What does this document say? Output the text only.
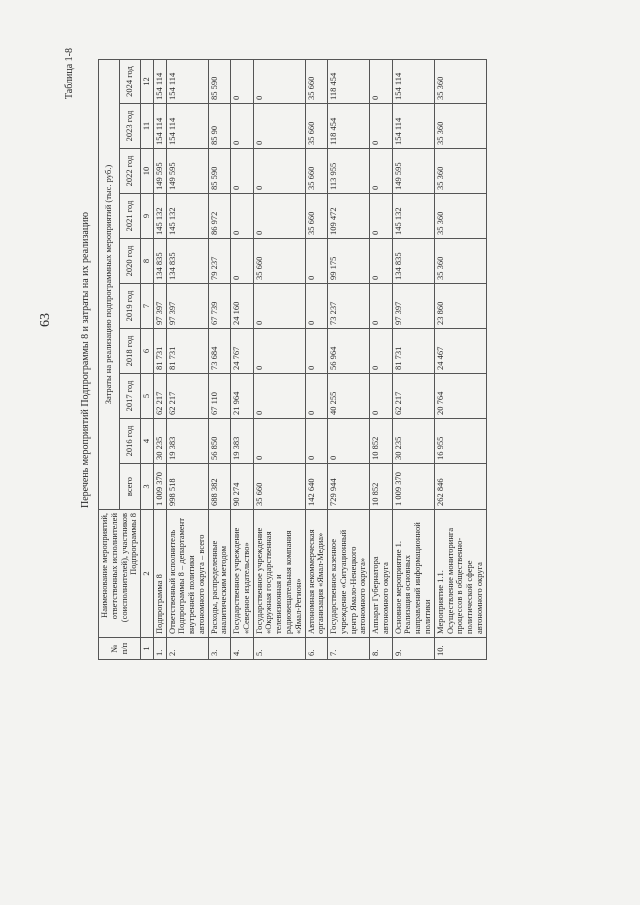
63
Таблица 1-8
Перечень мероприятий Подпрограммы 8 и затраты на их реализацию
№ п/п	Наименование мероприятий, ответственных исполнителей (соисполнителей), участников Подпрограммы 8	Затраты на реализацию подпрограммных мероприятий (тыс. руб.)									
		всего	2016 год	2017 год	2018 год	2019 год	2020 год	2021 год	2022 год	2023 год	2024 год
1	2	3	4	5	6	7	8	9	10	11	12
1.	Подпрограмма 8	1 009 370	30 235	62 217	81 731	97 397	134 835	145 132	149 595	154 114	154 114
2.	Ответственный исполнитель Подпрограммы 8 – департамент внутренней политики автономного округа – всего	998 518	19 383	62 217	81 731	97 397	134 835	145 132	149 595	154 114	154 114
3.	Расходы, распределенные аналитическим методом	688 382	56 850	67 110	73 684	67 739	79 237	86 972	85 590	85 90	85 590
4.	Государственное учреждение «Северное издательство»	90 274	19 383	21 964	24 767	24 160	0	0	0	0	0
5.	Государственное учреждение «Окружная государственная телевизионная и радиовещательная компания «Ямал-Регион»	35 660	0	0	0	0	35 660	0	0	0	0
6.	Автономная некоммерческая организация «Ямал-Медиа»	142 640	0	0	0	0	0	35 660	35 660	35 660	35 660
7.	Государственное казенное учреждение «Ситуационный центр Ямало-Ненецкого автономного округа»	729 944	0	40 255	56 964	73 237	99 175	109 472	113 955	118 454	118 454
8.	Аппарат Губернатора автономного округа	10 852	10 852	0	0	0	0	0	0	0	0
9.	Основное мероприятие 1. Реализация основных направлений информационной политики	1 009 370	30 235	62 217	81 731	97 397	134 835	145 132	149 595	154 114	154 114
10.	Мероприятие 1.1. Осуществление мониторинга процессов в общественно-политической сфере автономного округа	262 846	16 955	20 764	24 467	23 860	35 360	35 360	35 360	35 360	35 360
